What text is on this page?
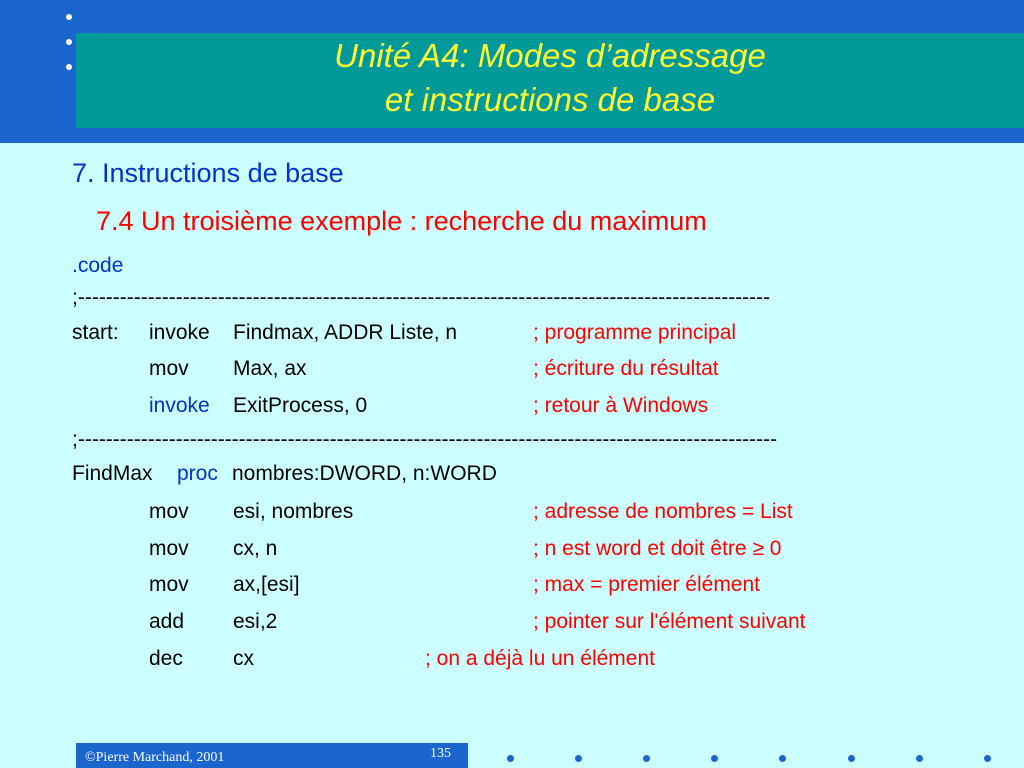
Unité A4: Modes d’adressage
et instructions de base
7. Instructions de base
7.4 Un troisième exemple : recherche du maximum
.code
;---------------------------------------------------------------------------------------------------
start: invoke Findmax, ADDR Liste, n	; programme principal
mov Max, ax	; écriture du résultat
invoke ExitProcess, 0	; retour à Windows
;----------------------------------------------------------------------------------------------------
FindMax proc nombres:DWORD, n:WORD
mov esi, nombres	; adresse de nombres = List
mov cx, n	; n est word et doit être ≥ 0
mov ax,[esi]	; max = premier élément
add esi,2	; pointer sur l'élément suivant
dec cx	; on a déjà lu un élément
©Pierre Marchand, 2001	135
